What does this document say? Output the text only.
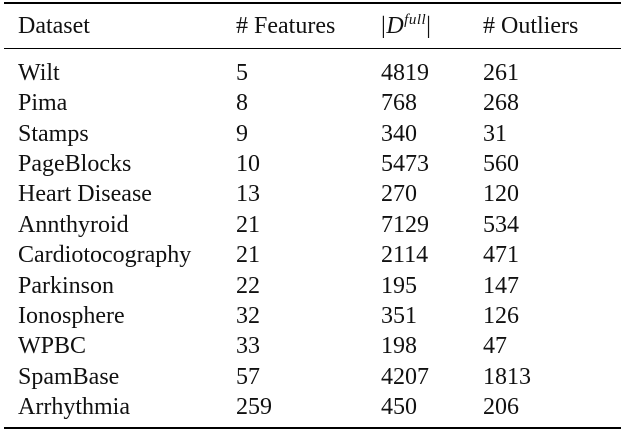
Dataset	# Features	$|D^{full}|$	# Outliers
Wilt	5	4819	261
Pima	8	768	268
Stamps	9	340	31
PageBlocks	10	5473	560
Heart Disease	13	270	120
Annthyroid	21	7129	534
Cardiotocography	21	2114	471
Parkinson	22	195	147
Ionosphere	32	351	126
WPBC	33	198	47
SpamBase	57	4207	1813
Arrhythmia	259	450	206
